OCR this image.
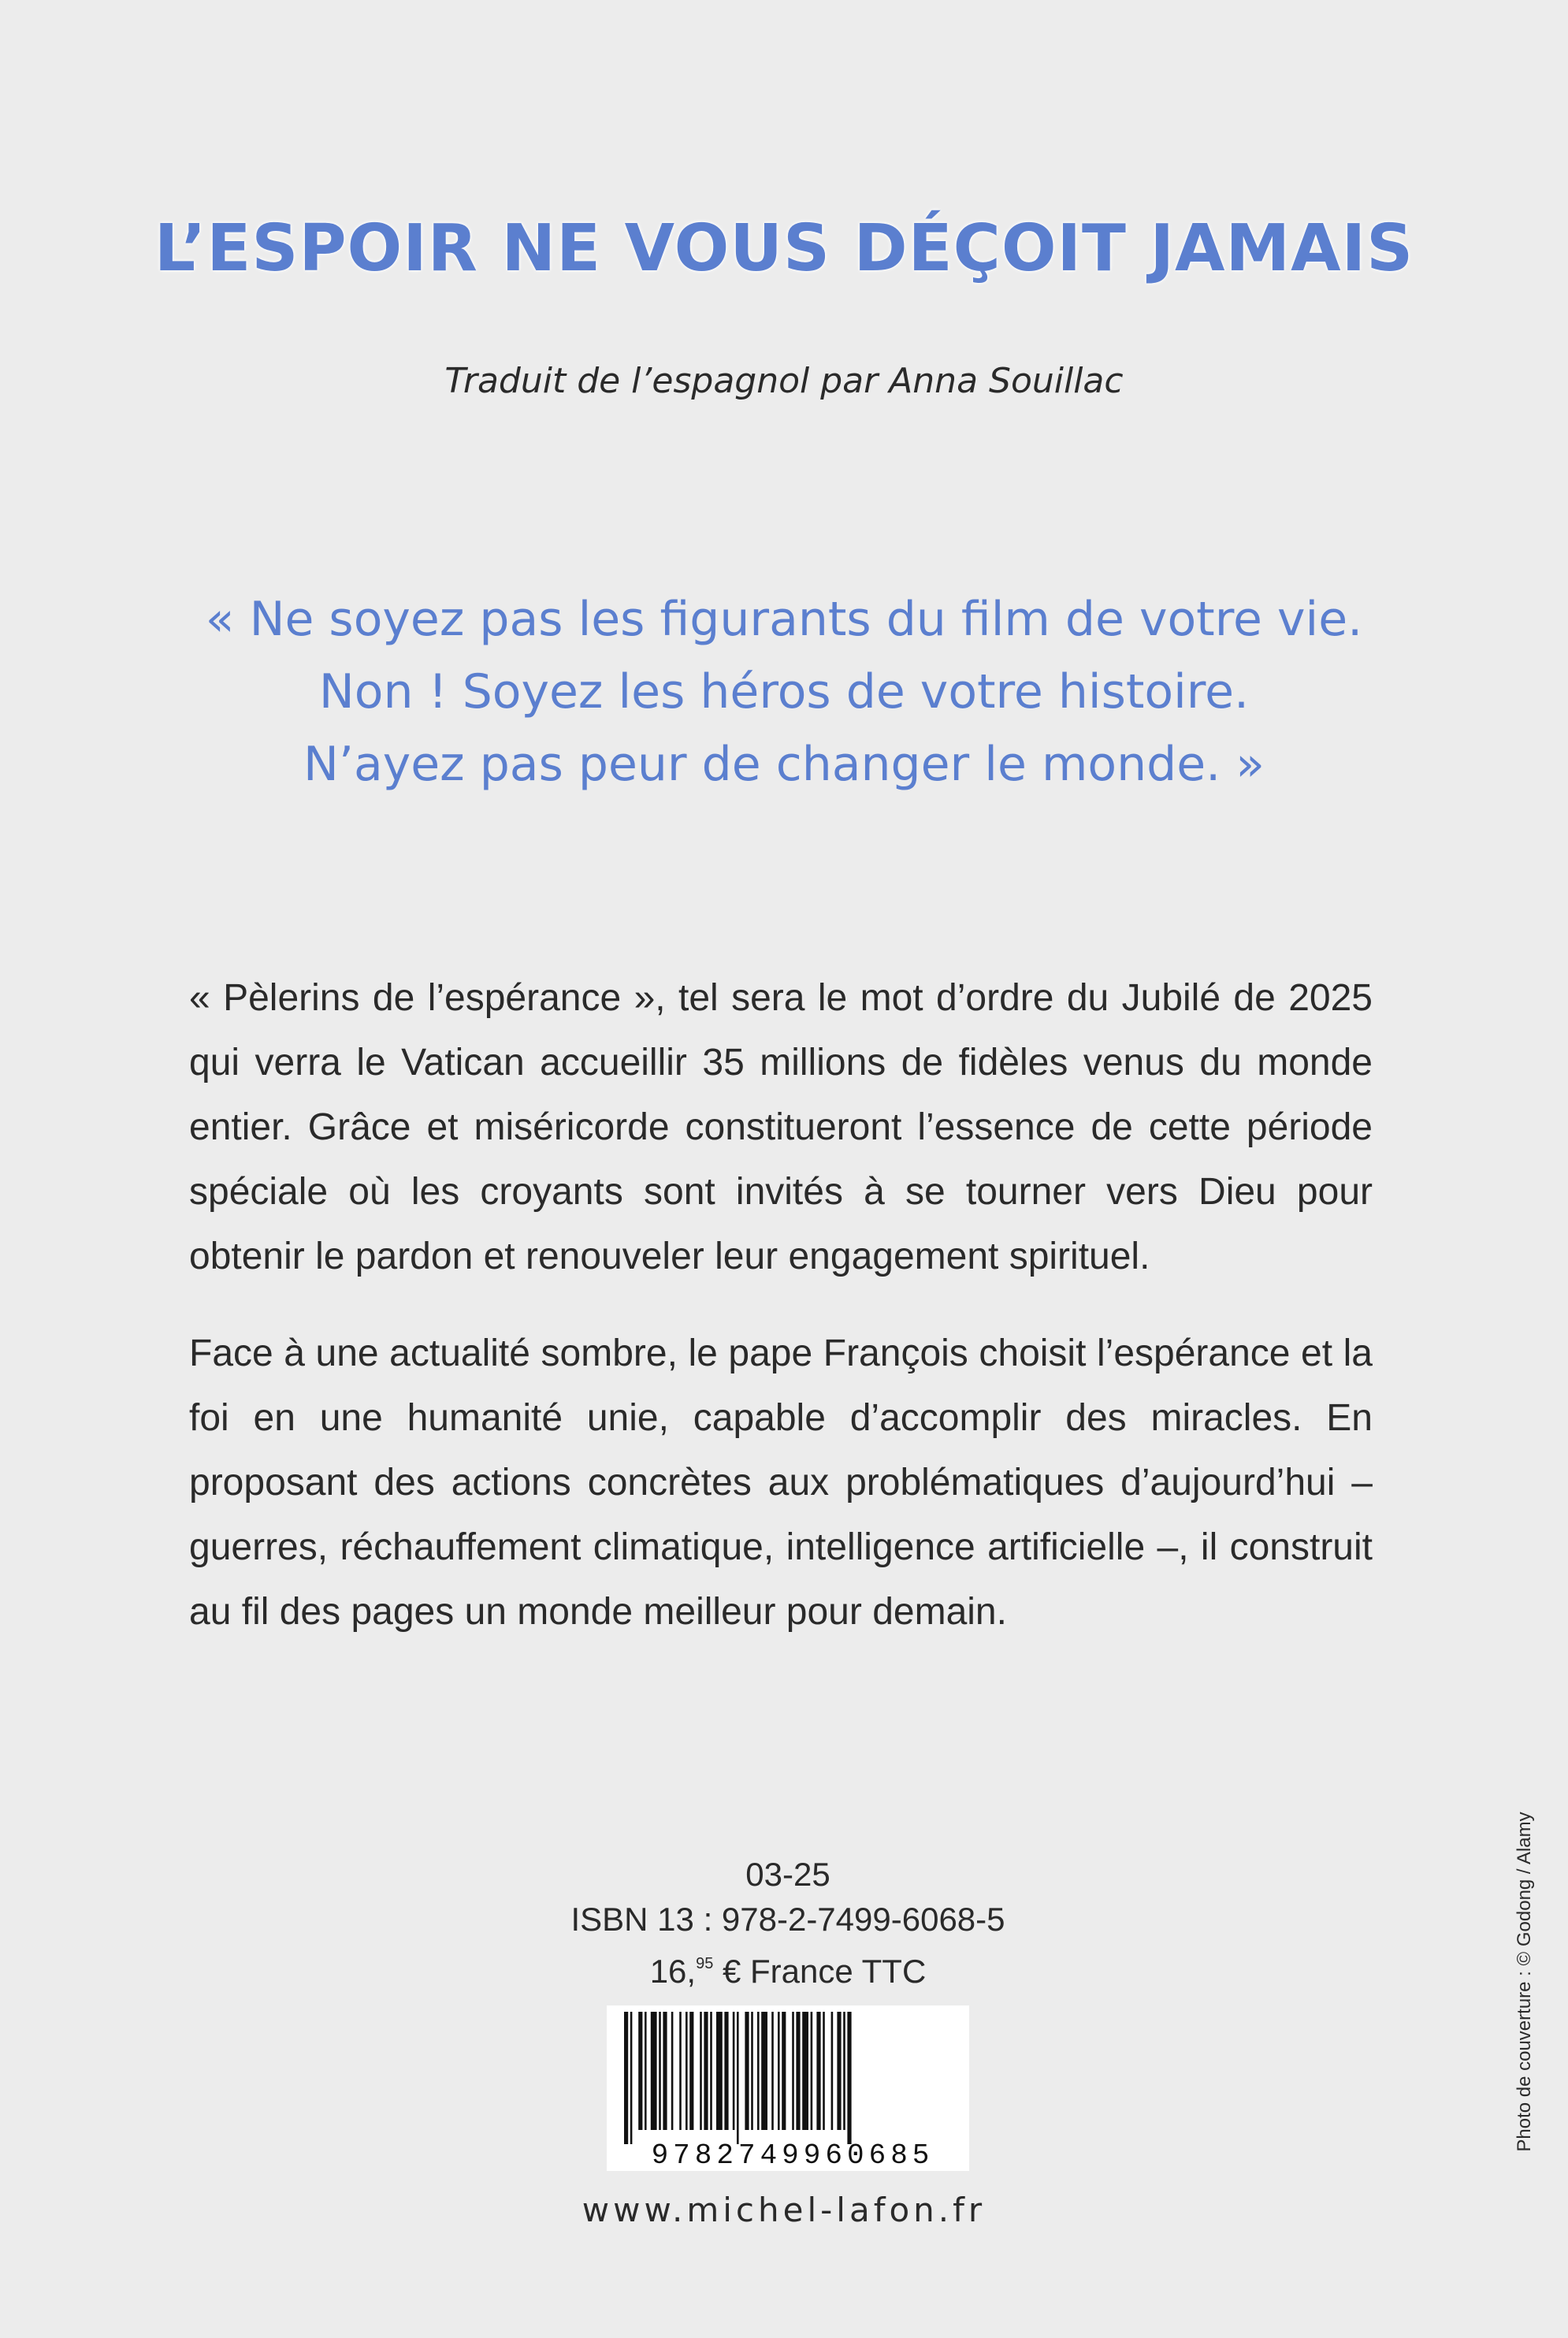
L’ESPOIR NE VOUS DÉÇOIT JAMAIS
Traduit de l’espagnol par Anna Souillac
« Ne soyez pas les figurants du film de votre vie.
Non ! Soyez les héros de votre histoire.
N’ayez pas peur de changer le monde. »
« Pèlerins de l’espérance », tel sera le mot d’ordre du Jubilé de 2025 qui verra le Vatican accueillir 35 millions de fidèles venus du monde entier. Grâce et miséricorde constitueront l’essence de cette période spéciale où les croyants sont invités à se tourner vers Dieu pour obtenir le pardon et renouveler leur engagement spirituel.
Face à une actualité sombre, le pape François choisit l’espérance et la foi en une humanité unie, capable d’accomplir des miracles. En proposant des actions concrètes aux problématiques d’aujourd’hui – guerres, réchauffement climatique, intelligence artificielle –, il construit au fil des pages un monde meilleur pour demain.
03-25
ISBN 13 : 978-2-7499-6068-5
16,95 € France TTC
9782749960685
www.michel-lafon.fr
Photo de couverture : © Godong / Alamy
